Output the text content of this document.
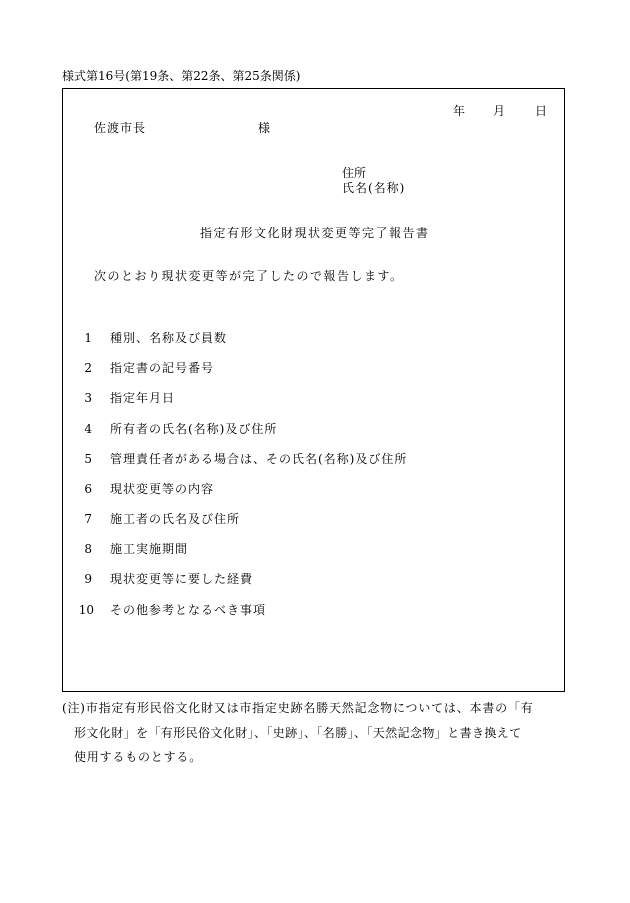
様式第16号(第19条、第22条、第25条関係)
年 月 日
佐渡市長	様
住所
氏名(名称)
指定有形文化財現状変更等完了報告書
次のとおり現状変更等が完了したので報告します。
1 種別、名称及び員数
2 指定書の記号番号
3 指定年月日
4 所有者の氏名(名称)及び住所
5 管理責任者がある場合は、その氏名(名称)及び住所
6 現状変更等の内容
7 施工者の氏名及び住所
8 施工実施期間
9 現状変更等に要した経費
10 その他参考となるべき事項
(注)市指定有形民俗文化財又は市指定史跡名勝天然記念物については、本書の「有
形文化財」を「有形民俗文化財」、「史跡」、「名勝」、「天然記念物」と書き換えて
使用するものとする。
